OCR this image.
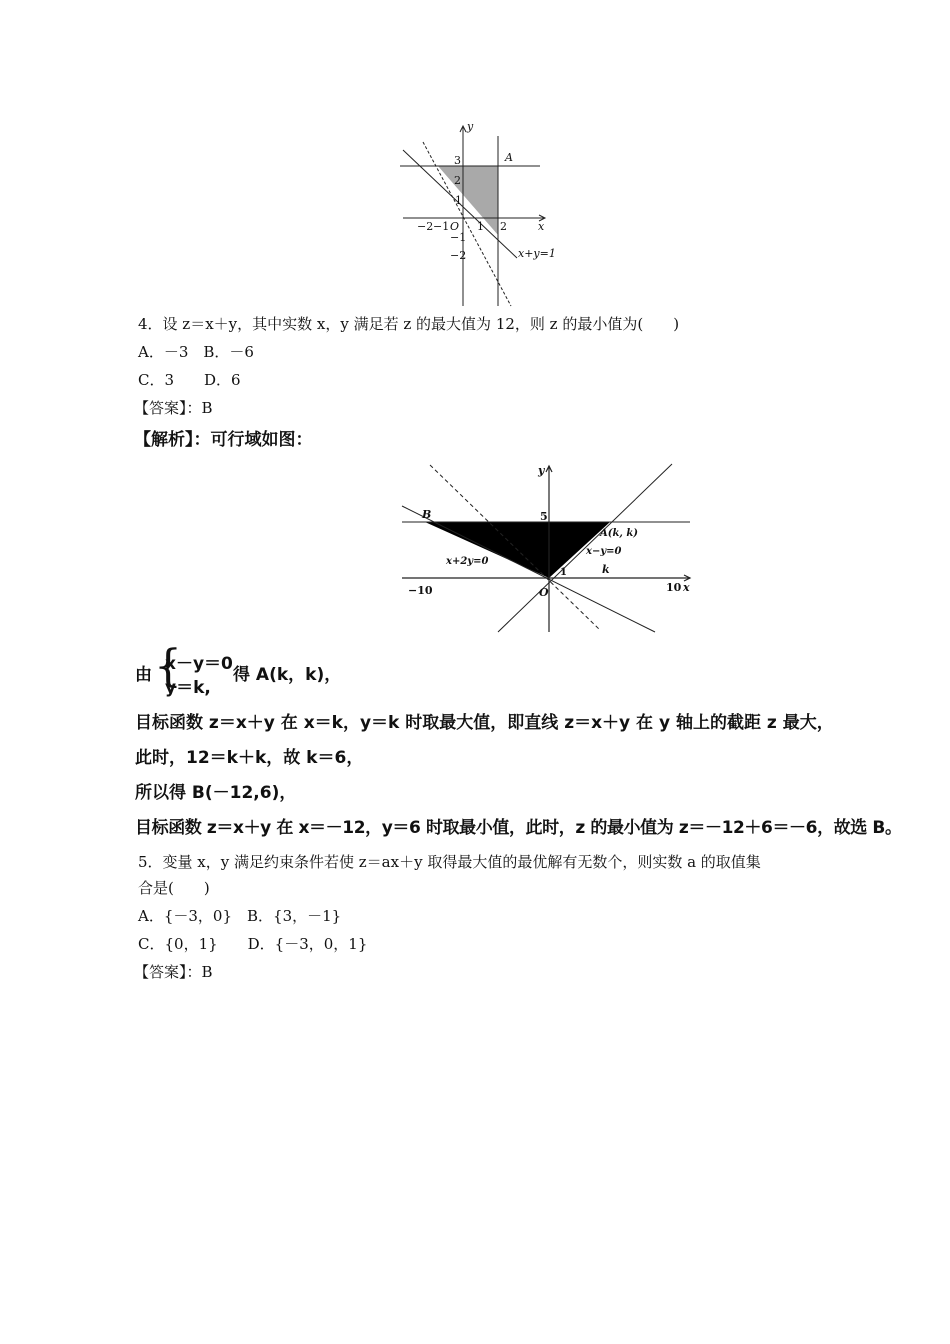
y
x
A
3
2
1
−1
−2
−2 −1 O 1 2
x+y=1
4．设 z＝x＋y，其中实数 x，y 满足若 z 的最大值为 12，则 z 的最小值为(　　)
A．－3　B．－6
C．3　　D．6
【答案】：B
【解析】：可行域如图：
B	5
A(k, k)
x−y=0
x+2y=0
1	k
−10	10 x
y
O
由 {
x－y＝0
y＝k,
得 A(k，k)，
目标函数 z＝x＋y 在 x＝k，y＝k 时取最大值，即直线 z＝x＋y 在 y 轴上的截距 z 最大，
此时，12＝k＋k，故 k＝6，
所以得 B(－12,6)，
目标函数 z＝x＋y 在 x＝－12，y＝6 时取最小值，此时，z 的最小值为 z＝－12＋6＝－6，故选 B。
5．变量 x，y 满足约束条件若使 z＝ax＋y 取得最大值的最优解有无数个，则实数 a 的取值集
合是(　　)
A．{－3，0}　B．{3，－1}
C．{0，1}　　D．{－3，0，1}
【答案】：B
